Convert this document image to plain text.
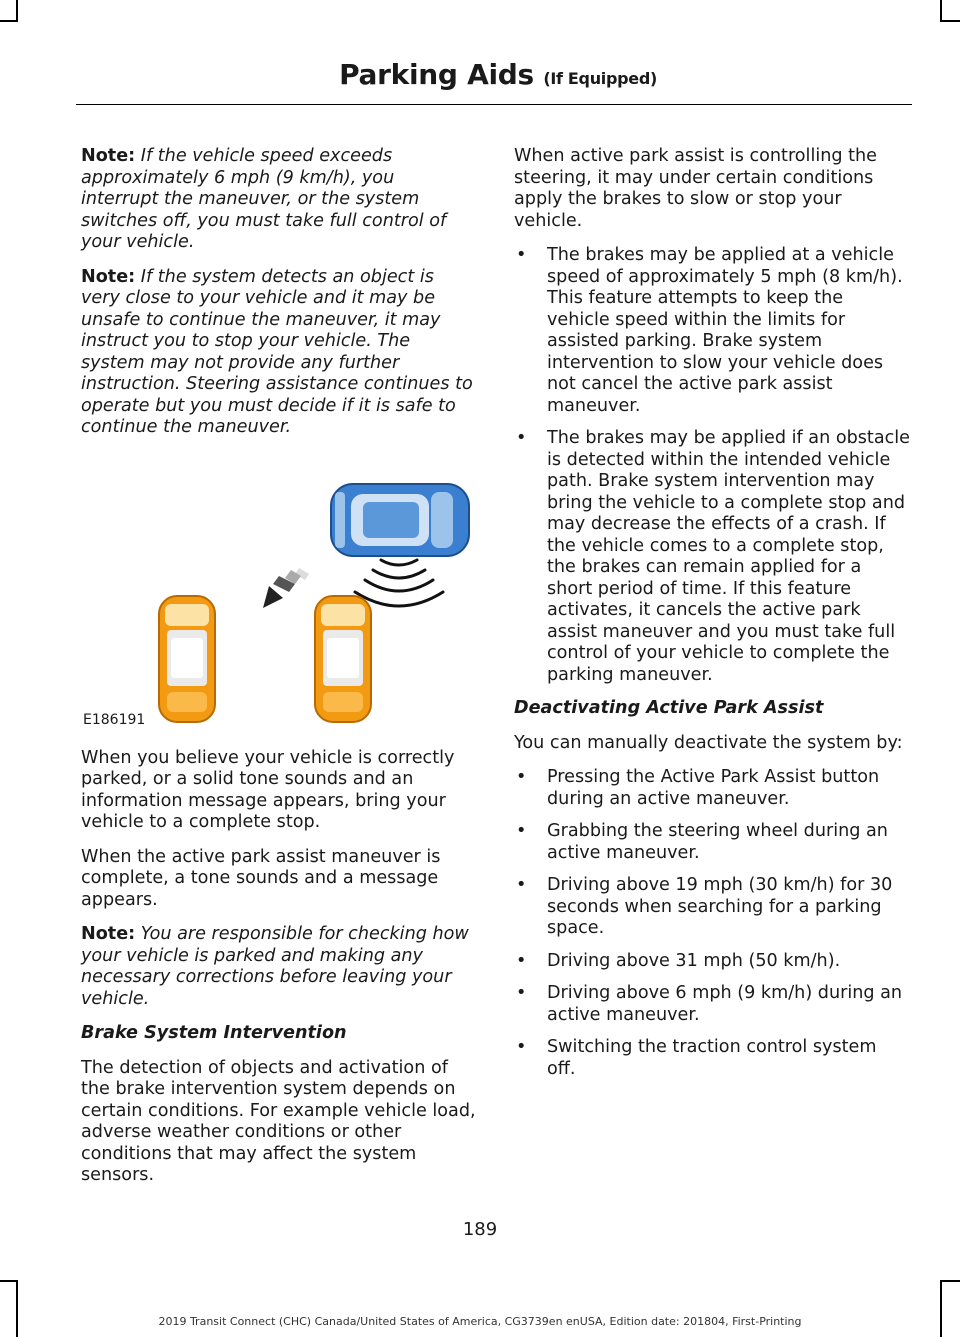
Parking Aids (If Equipped)

Note: If the vehicle speed exceeds approximately 6 mph (9 km/h), you interrupt the maneuver, or the system switches off, you must take full control of your vehicle.

Note: If the system detects an object is very close to your vehicle and it may be unsafe to continue the maneuver, it may instruct you to stop your vehicle. The system may not provide any further instruction. Steering assistance continues to operate but you must decide if it is safe to continue the maneuver.

E186191

When you believe your vehicle is correctly parked, or a solid tone sounds and an information message appears, bring your vehicle to a complete stop.

When the active park assist maneuver is complete, a tone sounds and a message appears.

Note: You are responsible for checking how your vehicle is parked and making any necessary corrections before leaving your vehicle.

Brake System Intervention

The detection of objects and activation of the brake intervention system depends on certain conditions. For example vehicle load, adverse weather conditions or other conditions that may affect the system sensors.

When active park assist is controlling the steering, it may under certain conditions apply the brakes to slow or stop your vehicle.

• The brakes may be applied at a vehicle speed of approximately 5 mph (8 km/h). This feature attempts to keep the vehicle speed within the limits for assisted parking. Brake system intervention to slow your vehicle does not cancel the active park assist maneuver.
• The brakes may be applied if an obstacle is detected within the intended vehicle path. Brake system intervention may bring the vehicle to a complete stop and may decrease the effects of a crash. If the vehicle comes to a complete stop, the brakes can remain applied for a short period of time. If this feature activates, it cancels the active park assist maneuver and you must take full control of your vehicle to complete the parking maneuver.

Deactivating Active Park Assist

You can manually deactivate the system by:

• Pressing the Active Park Assist button during an active maneuver.
• Grabbing the steering wheel during an active maneuver.
• Driving above 19 mph (30 km/h) for 30 seconds when searching for a parking space.
• Driving above 31 mph (50 km/h).
• Driving above 6 mph (9 km/h) during an active maneuver.
• Switching the traction control system off.
189
2019 Transit Connect (CHC) Canada/United States of America, CG3739en enUSA, Edition date: 201804, First-Printing
